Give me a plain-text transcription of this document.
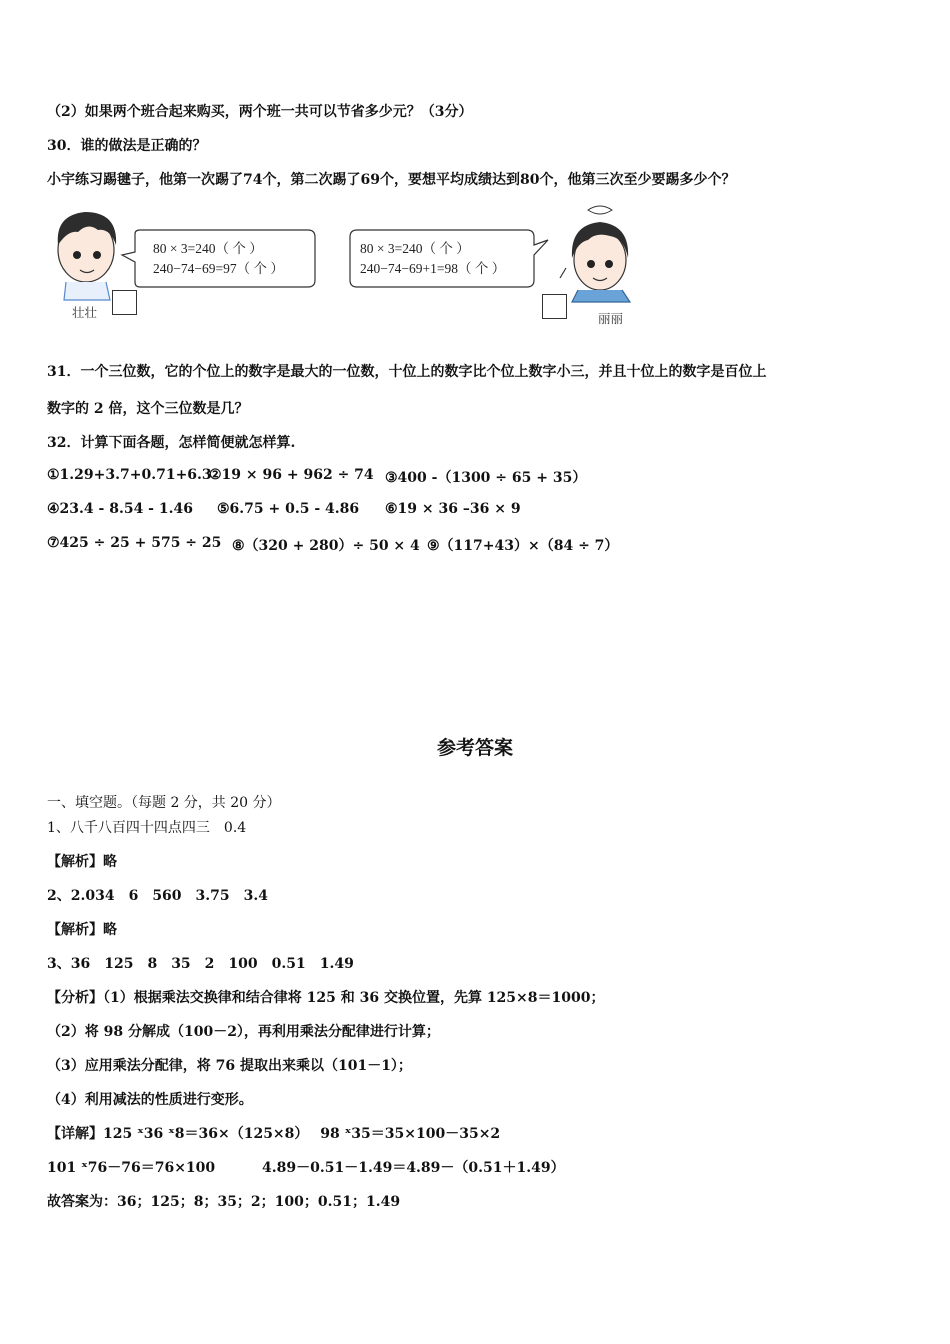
（2）如果两个班合起来购买，两个班一共可以节省多少元？（3分）
30．谁的做法是正确的？
小宇练习踢毽子，他第一次踢了74个，第二次踢了69个，要想平均成绩达到80个，他第三次至少要踢多少个？
80 × 3=240（ 个 ）
240−74−69=97（ 个 ）
80 × 3=240（ 个 ）
240−74−69+1=98（ 个 ）
壮壮	丽丽
31．一个三位数，它的个位上的数字是最大的一位数，十位上的数字比个位上数字小三，并且十位上的数字是百位上
数字的 2 倍，这个三位数是几？
32．计算下面各题，怎样简便就怎样算.
①1.29+3.7+0.71+6.3
②19 × 96 + 962 ÷ 74 ③400 -（1300 ÷ 65 + 35）
④23.4 - 8.54 - 1.46 ⑤6.75 + 0.5 - 4.86 ⑥19 × 36 –36 × 9
⑦425 ÷ 25 + 575 ÷ 25 ⑧（320 + 280）÷ 50 × 4 ⑨（117+43）×（84 ÷ 7）
参考答案
一、填空题。（每题 2 分，共 20 分）
1、八千八百四十四点四三　0.4
【解析】略
2、2.034　6　560　3.75　3.4
【解析】略
3、36　125　8　35　2　100　0.51　1.49
【分析】（1）根据乘法交换律和结合律将 125 和 36 交换位置，先算 125×8＝1000；
（2）将 98 分解成（100－2），再利用乘法分配律进行计算；
（3）应用乘法分配律，将 76 提取出来乘以（101－1）；
（4）利用减法的性质进行变形。
【详解】125 ˣ36 ˣ8＝36×（125×8）　 98 ˣ35＝35×100－35×2
101 ˣ76－76＝76×100　　　 4.89－0.51－1.49＝4.89－（0.51＋1.49）
故答案为：36；125；8；35；2；100；0.51；1.49
